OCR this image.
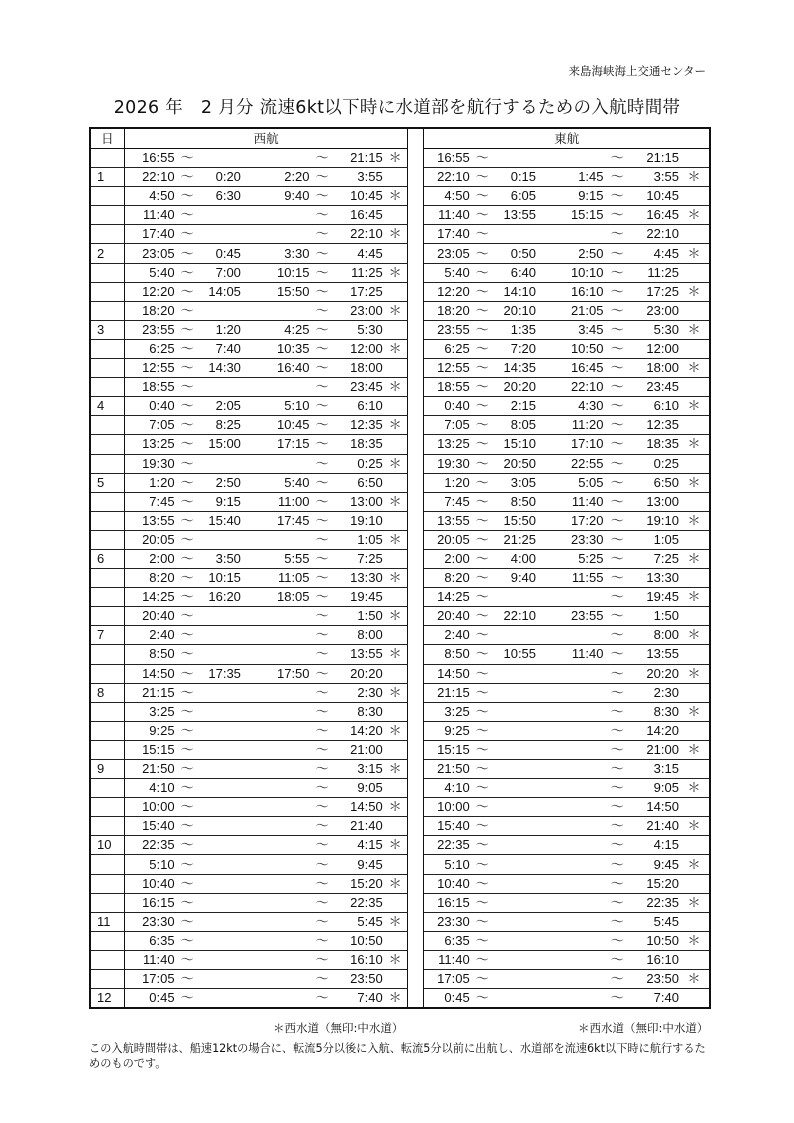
来島海峡海上交通センター
2026 年　2 月分 流速6kt以下時に水道部を航行するための入航時間帯
日	西航								東航						
	16:55	～			～	21:15	＊		16:55	～			～	21:15	
1	22:10	～	0:20	2:20	～	3:55			22:10	～	0:15	1:45	～	3:55	＊
	4:50	～	6:30	9:40	～	10:45	＊		4:50	～	6:05	9:15	～	10:45	
	11:40	～			～	16:45			11:40	～	13:55	15:15	～	16:45	＊
	17:40	～			～	22:10	＊		17:40	～			～	22:10	
2	23:05	～	0:45	3:30	～	4:45			23:05	～	0:50	2:50	～	4:45	＊
	5:40	～	7:00	10:15	～	11:25	＊		5:40	～	6:40	10:10	～	11:25	
	12:20	～	14:05	15:50	～	17:25			12:20	～	14:10	16:10	～	17:25	＊
	18:20	～			～	23:00	＊		18:20	～	20:10	21:05	～	23:00	
3	23:55	～	1:20	4:25	～	5:30			23:55	～	1:35	3:45	～	5:30	＊
	6:25	～	7:40	10:35	～	12:00	＊		6:25	～	7:20	10:50	～	12:00	
	12:55	～	14:30	16:40	～	18:00			12:55	～	14:35	16:45	～	18:00	＊
	18:55	～			～	23:45	＊		18:55	～	20:20	22:10	～	23:45	
4	0:40	～	2:05	5:10	～	6:10			0:40	～	2:15	4:30	～	6:10	＊
	7:05	～	8:25	10:45	～	12:35	＊		7:05	～	8:05	11:20	～	12:35	
	13:25	～	15:00	17:15	～	18:35			13:25	～	15:10	17:10	～	18:35	＊
	19:30	～			～	0:25	＊		19:30	～	20:50	22:55	～	0:25	
5	1:20	～	2:50	5:40	～	6:50			1:20	～	3:05	5:05	～	6:50	＊
	7:45	～	9:15	11:00	～	13:00	＊		7:45	～	8:50	11:40	～	13:00	
	13:55	～	15:40	17:45	～	19:10			13:55	～	15:50	17:20	～	19:10	＊
	20:05	～			～	1:05	＊		20:05	～	21:25	23:30	～	1:05	
6	2:00	～	3:50	5:55	～	7:25			2:00	～	4:00	5:25	～	7:25	＊
	8:20	～	10:15	11:05	～	13:30	＊		8:20	～	9:40	11:55	～	13:30	
	14:25	～	16:20	18:05	～	19:45			14:25	～			～	19:45	＊
	20:40	～			～	1:50	＊		20:40	～	22:10	23:55	～	1:50	
7	2:40	～			～	8:00			2:40	～			～	8:00	＊
	8:50	～			～	13:55	＊		8:50	～	10:55	11:40	～	13:55	
	14:50	～	17:35	17:50	～	20:20			14:50	～			～	20:20	＊
8	21:15	～			～	2:30	＊		21:15	～			～	2:30	
	3:25	～			～	8:30			3:25	～			～	8:30	＊
	9:25	～			～	14:20	＊		9:25	～			～	14:20	
	15:15	～			～	21:00			15:15	～			～	21:00	＊
9	21:50	～			～	3:15	＊		21:50	～			～	3:15	
	4:10	～			～	9:05			4:10	～			～	9:05	＊
	10:00	～			～	14:50	＊		10:00	～			～	14:50	
	15:40	～			～	21:40			15:40	～			～	21:40	＊
10	22:35	～			～	4:15	＊		22:35	～			～	4:15	
	5:10	～			～	9:45			5:10	～			～	9:45	＊
	10:40	～			～	15:20	＊		10:40	～			～	15:20	
	16:15	～			～	22:35			16:15	～			～	22:35	＊
11	23:30	～			～	5:45	＊		23:30	～			～	5:45	
	6:35	～			～	10:50			6:35	～			～	10:50	＊
	11:40	～			～	16:10	＊		11:40	～			～	16:10	
	17:05	～			～	23:50			17:05	～			～	23:50	＊
12	0:45	～			～	7:40	＊		0:45	～			～	7:40	
＊西水道（無印:中水道）	＊西水道（無印:中水道）
この入航時間帯は、船速12ktの場合に、転流5分以後に入航、転流5分以前に出航し、水道部を流速6kt以下時に航行するためのものです。
